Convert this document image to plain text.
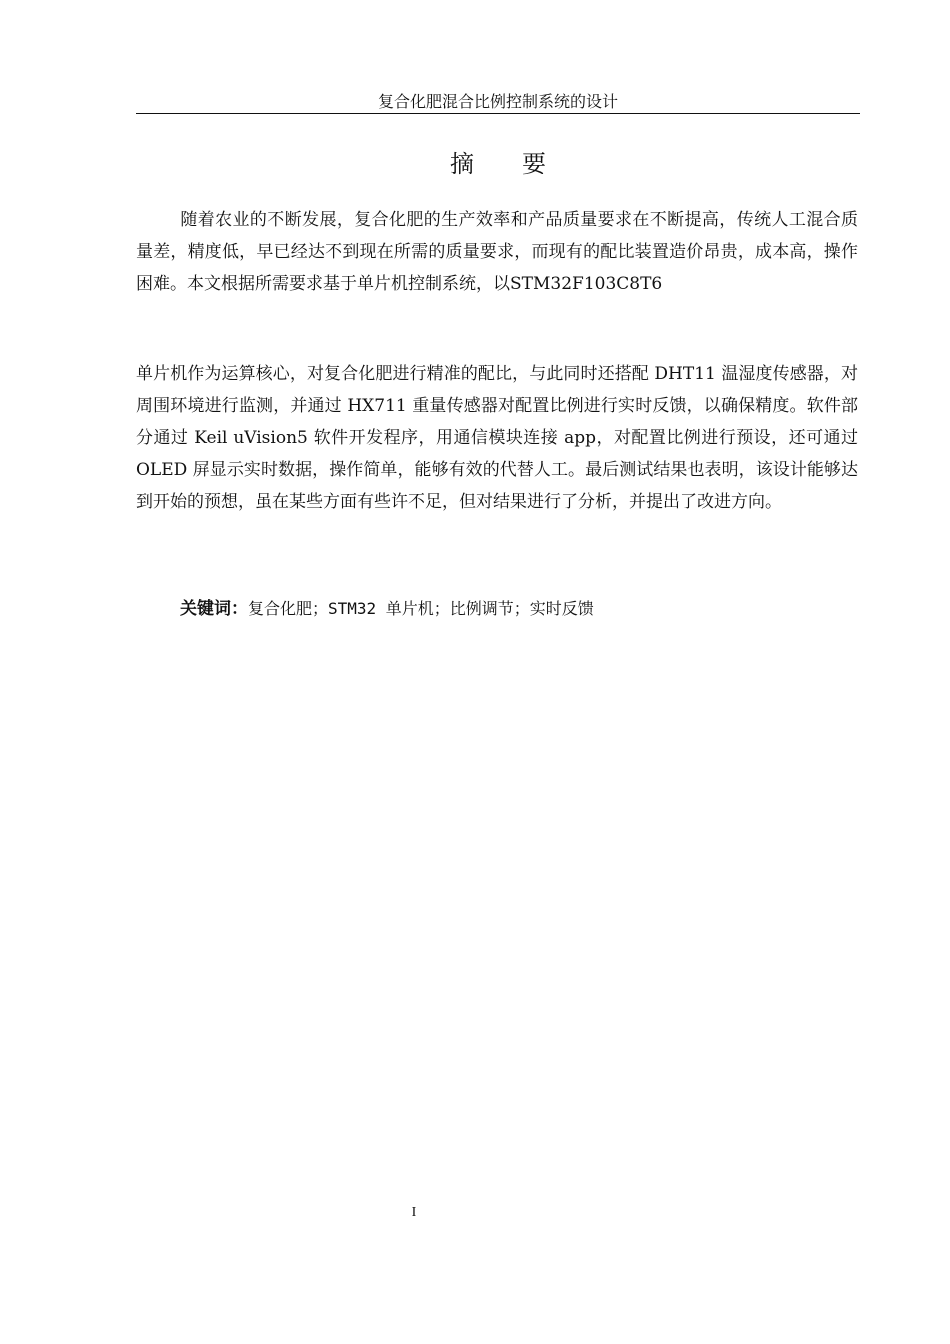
复合化肥混合比例控制系统的设计
摘　要
随着农业的不断发展，复合化肥的生产效率和产品质量要求在不断提高，传统人工混合质量差，精度低，早已经达不到现在所需的质量要求，而现有的配比装置造价昂贵，成本高，操作困难。本文根据所需要求基于单片机控制系统，以STM32F103C8T6
单片机作为运算核心，对复合化肥进行精准的配比，与此同时还搭配 DHT11 温湿度传感器，对周围环境进行监测，并通过 HX711 重量传感器对配置比例进行实时反馈，以确保精度。软件部分通过 Keil uVision5 软件开发程序，用通信模块连接 app，对配置比例进行预设，还可通过 OLED 屏显示实时数据，操作简单，能够有效的代替人工。最后测试结果也表明，该设计能够达到开始的预想，虽在某些方面有些许不足，但对结果进行了分析，并提出了改进方向。
关键词：复合化肥；STM32 单片机；比例调节；实时反馈
I
